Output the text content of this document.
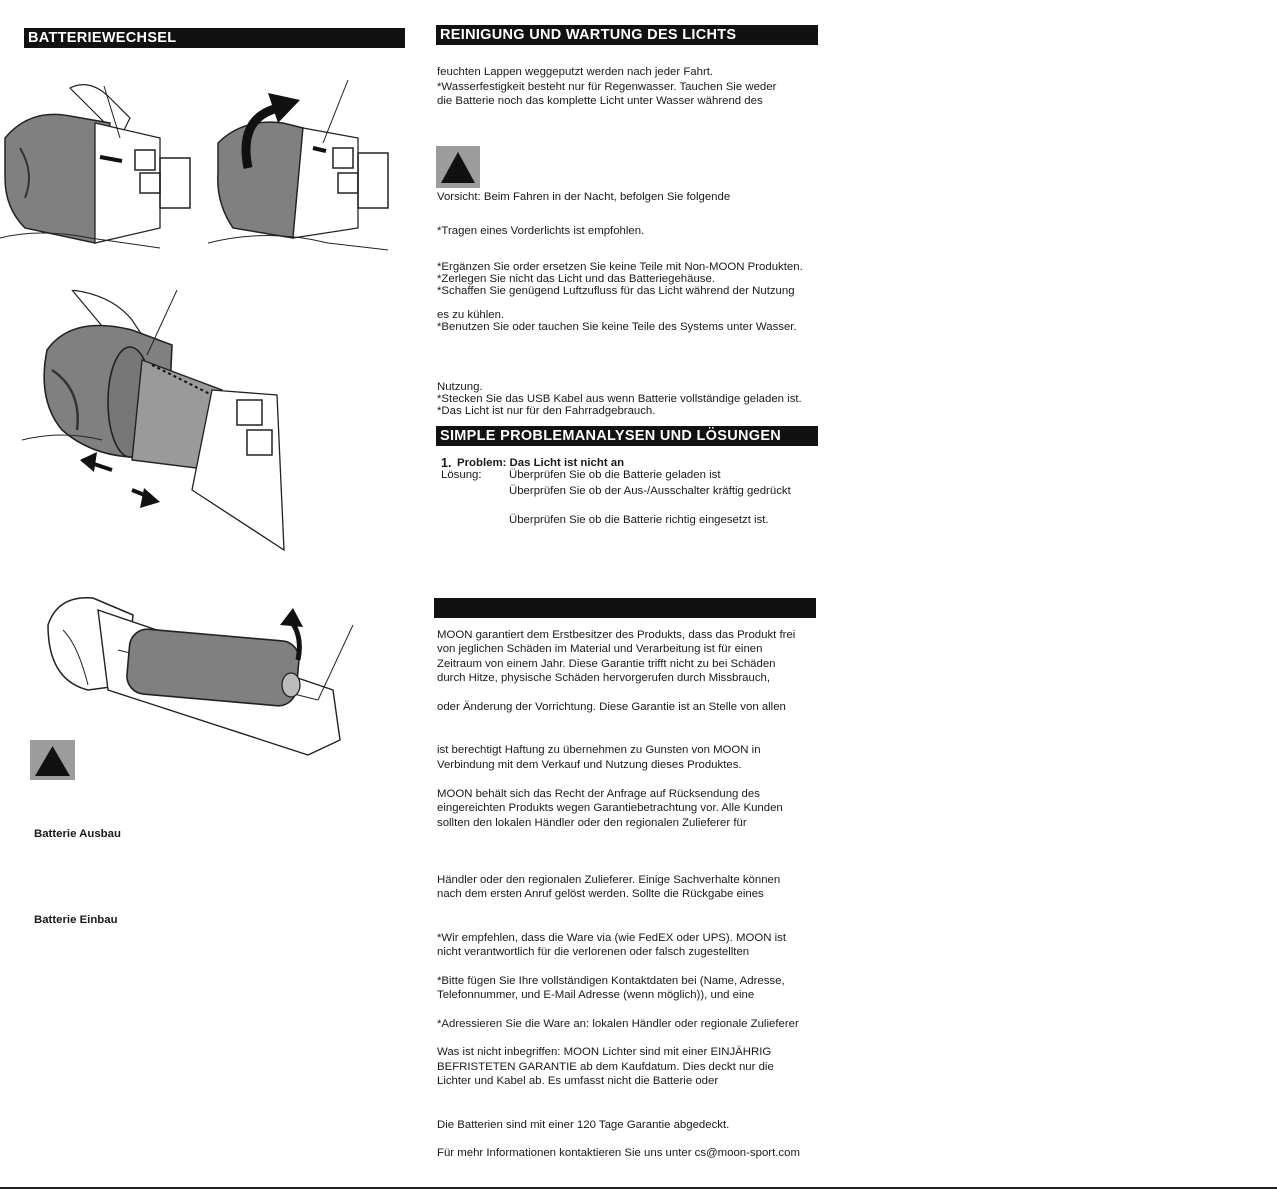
BATTERIEWECHSEL
Batterie Ausbau
Batterie Einbau
REINIGUNG UND WARTUNG DES LICHTS
feuchten Lappen weggeputzt werden nach jeder Fahrt.
*Wasserfestigkeit besteht nur für Regenwasser. Tauchen Sie weder
die Batterie noch das komplette Licht unter Wasser während des
Vorsicht: Beim Fahren in der Nacht, befolgen Sie folgende
*Tragen eines Vorderlichts ist empfohlen.
*Ergänzen Sie order ersetzen Sie keine Teile mit Non-MOON Produkten.
*Zerlegen Sie nicht das Licht und das Batteriegehäuse.
*Schaffen Sie genügend Luftzufluss für das Licht während der Nutzung
es zu kühlen.
*Benutzen Sie oder tauchen Sie keine Teile des Systems unter Wasser.
Nutzung.
*Stecken Sie das USB Kabel aus wenn Batterie vollständige geladen ist.
*Das Licht ist nur für den Fahrradgebrauch.
SIMPLE PROBLEMANALYSEN UND LÖSUNGEN
1. Problem: Das Licht ist nicht an
Lösung: Überprüfen Sie ob die Batterie geladen ist
Überprüfen Sie ob der Aus-/Ausschalter kräftig gedrückt
Überprüfen Sie ob die Batterie richtig eingesetzt ist.
MOON garantiert dem Erstbesitzer des Produkts, dass das Produkt frei
von jeglichen Schäden im Material und Verarbeitung ist für einen
Zeitraum von einem Jahr. Diese Garantie trifft nicht zu bei Schäden
durch Hitze, physische Schäden hervorgerufen durch Missbrauch,
oder Änderung der Vorrichtung. Diese Garantie ist an Stelle von allen
ist berechtigt Haftung zu übernehmen zu Gunsten von MOON in
Verbindung mit dem Verkauf und Nutzung dieses Produktes.
MOON behält sich das Recht der Anfrage auf Rücksendung des
eingereichten Produkts wegen Garantiebetrachtung vor. Alle Kunden
sollten den lokalen Händler oder den regionalen Zulieferer für
Händler oder den regionalen Zulieferer. Einige Sachverhalte können
nach dem ersten Anruf gelöst werden. Sollte die Rückgabe eines
*Wir empfehlen, dass die Ware via (wie FedEX oder UPS). MOON ist
nicht verantwortlich für die verlorenen oder falsch zugestellten
*Bitte fügen Sie Ihre vollständigen Kontaktdaten bei (Name, Adresse,
Telefonnummer, und E-Mail Adresse (wenn möglich)), und eine
*Adressieren Sie die Ware an: lokalen Händler oder regionale Zulieferer
Was ist nicht inbegriffen: MOON Lichter sind mit einer EINJÄHRIG
BEFRISTETEN GARANTIE ab dem Kaufdatum. Dies deckt nur die
Lichter und Kabel ab. Es umfasst nicht die Batterie oder
Die Batterien sind mit einer 120 Tage Garantie abgedeckt.
Für mehr Informationen kontaktieren Sie uns unter cs@moon-sport.com
